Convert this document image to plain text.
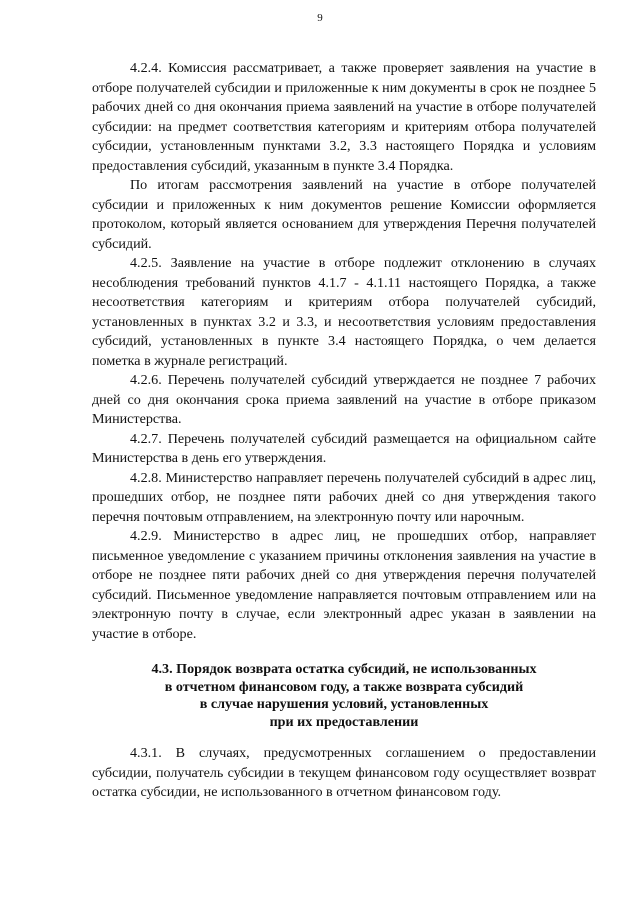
9

4.2.4. Комиссия рассматривает, а также проверяет заявления на участие в отборе получателей субсидии и приложенные к ним документы в срок не позднее 5 рабочих дней со дня окончания приема заявлений на участие в отборе получателей субсидии: на предмет соответствия категориям и критериям отбора получателей субсидии, установленным пунктами 3.2, 3.3 настоящего Порядка и условиям предоставления субсидий, указанным в пункте 3.4 Порядка.

По итогам рассмотрения заявлений на участие в отборе получателей субсидии и приложенных к ним документов решение Комиссии оформляется протоколом, который является основанием для утверждения Перечня получателей субсидий.

4.2.5. Заявление на участие в отборе подлежит отклонению в случаях несоблюдения требований пунктов 4.1.7 - 4.1.11 настоящего Порядка, а также несоответствия категориям и критериям отбора получателей субсидий, установленных в пунктах 3.2 и 3.3, и несоответствия условиям предоставления субсидий, установленных в пункте 3.4 настоящего Порядка, о чем делается пометка в журнале регистраций.

4.2.6. Перечень получателей субсидий утверждается не позднее 7 рабочих дней со дня окончания срока приема заявлений на участие в отборе приказом Министерства.

4.2.7. Перечень получателей субсидий размещается на официальном сайте Министерства в день его утверждения.

4.2.8. Министерство направляет перечень получателей субсидий в адрес лиц, прошедших отбор, не позднее пяти рабочих дней со дня утверждения такого перечня почтовым отправлением, на электронную почту или нарочным.

4.2.9. Министерство в адрес лиц, не прошедших отбор, направляет письменное уведомление с указанием причины отклонения заявления на участие в отборе не позднее пяти рабочих дней со дня утверждения перечня получателей субсидий. Письменное уведомление направляется почтовым отправлением или на электронную почту в случае, если электронный адрес указан в заявлении на участие в отборе.

4.3. Порядок возврата остатка субсидий, не использованных
в отчетном финансовом году, а также возврата субсидий
в случае нарушения условий, установленных
при их предоставлении

4.3.1. В случаях, предусмотренных соглашением о предоставлении субсидии, получатель субсидии в текущем финансовом году осуществляет возврат остатка субсидии, не использованного в отчетном финансовом году.
